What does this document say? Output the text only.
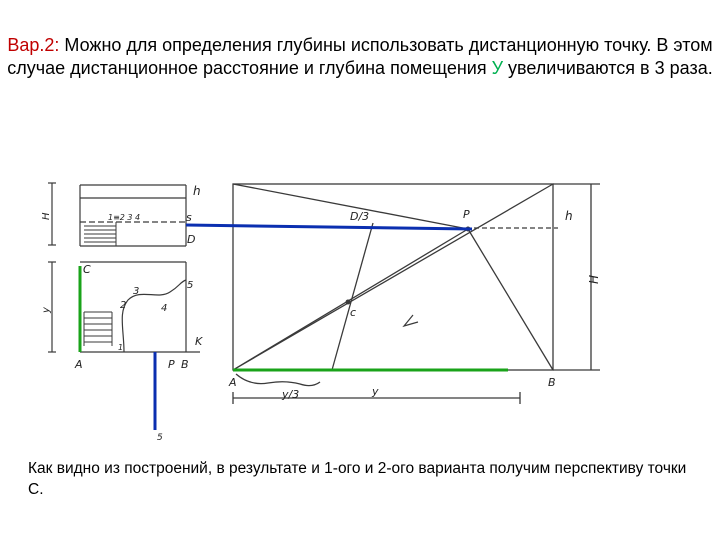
Вар.2: Можно для определения глубины использовать дистанционную точку. В этом случае дистанционное расстояние и глубина помещения У увеличиваются в 3 раза.
h
H
y
s
D
1≡2 3 4
C
5
3
2	4
1	K
A	P B
5
D/3	P	h
H
c
A	B
y/3	y
Как видно из построений, в результате и 1-ого и 2-ого варианта получим перспективу точки С.
